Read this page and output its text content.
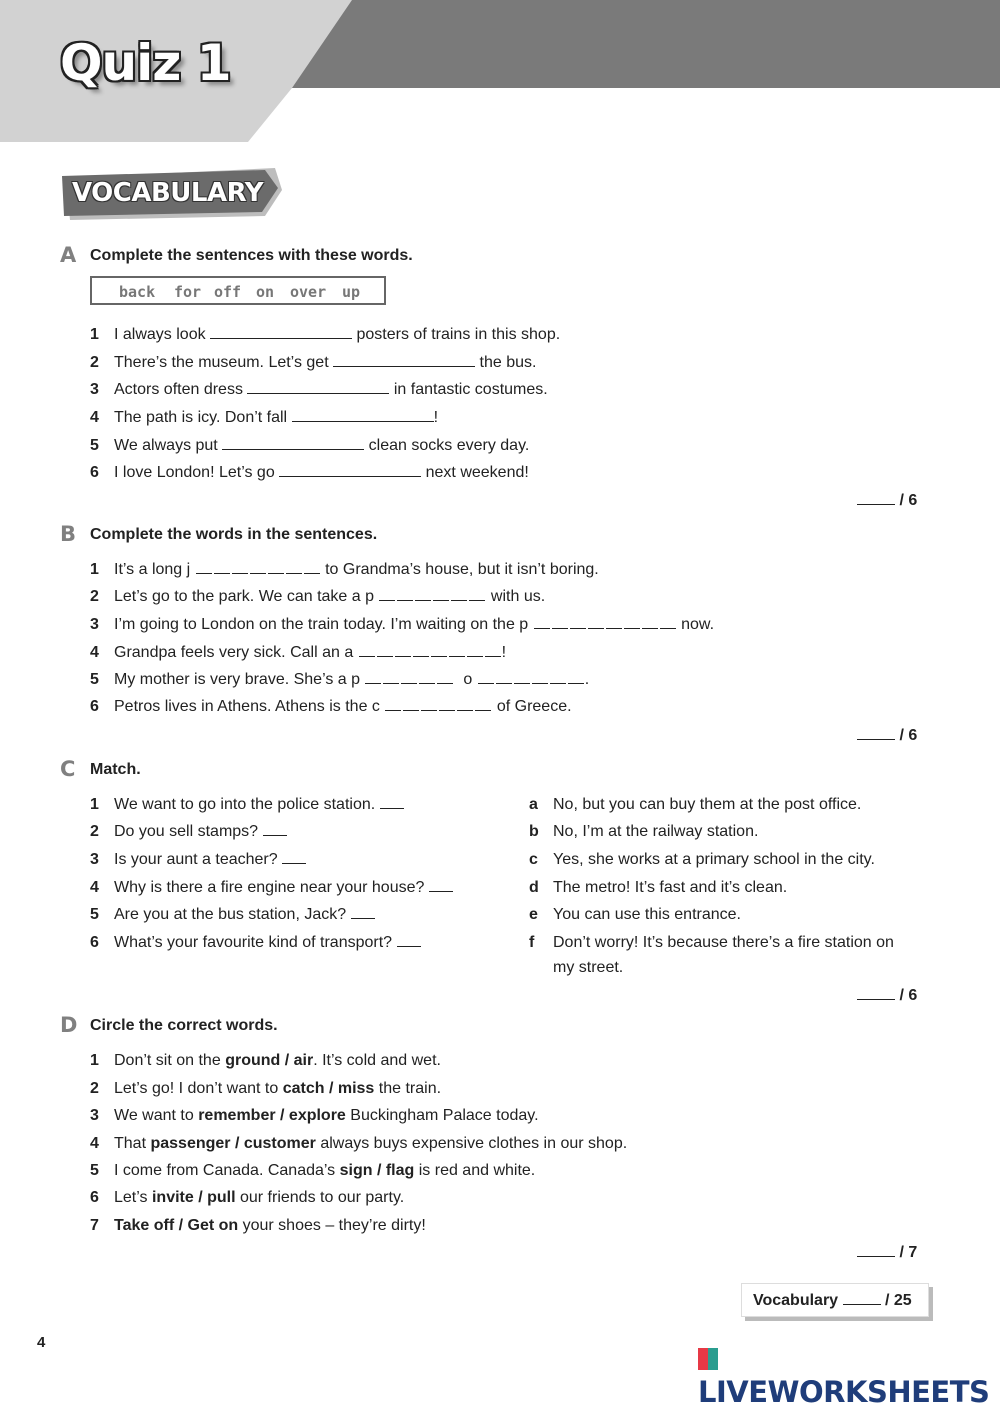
Quiz 1
VOCABULARY
A Complete the sentences with these words.
back for off on over up
1 I always look	posters of trains in this shop.
2 There’s the museum. Let’s get	the bus.
3 Actors often dress	in fantastic costumes.
4 The path is icy. Don’t fall	!
5 We always put	clean socks every day.
6 I love London! Let’s go	next weekend!
/ 6
B Complete the words in the sentences.
1 It’s a long j	to Grandma’s house, but it isn’t boring.
2 Let’s go to the park. We can take a p	with us.
3 I’m going to London on the train today. I’m waiting on the p	now.
4 Grandpa feels very sick. Call an a	!
5 My mother is very brave. She’s a p	o	.
6 Petros lives in Athens. Athens is the c	of Greece.
/ 6
C Match.
1 We want to go into the police station.
2 Do you sell stamps?
3 Is your aunt a teacher?
4 Why is there a fire engine near your house?
5 Are you at the bus station, Jack?
6 What’s your favourite kind of transport?
a No, but you can buy them at the post office.
b No, I’m at the railway station.
c Yes, she works at a primary school in the city.
d The metro! It’s fast and it’s clean.
e You can use this entrance.
f Don’t worry! It’s because there’s a fire station on
my street.
/ 6
D Circle the correct words.
1 Don’t sit on the ground / air. It’s cold and wet.
2 Let’s go! I don’t want to catch / miss the train.
3 We want to remember / explore Buckingham Palace today.
4 That passenger / customer always buys expensive clothes in our shop.
5 I come from Canada. Canada’s sign / flag is red and white.
6 Let’s invite / pull our friends to our party.
7 Take off / Get on your shoes – they’re dirty!
/ 7
Vocabulary	/ 25
4
LIVEWORKSHEETS
